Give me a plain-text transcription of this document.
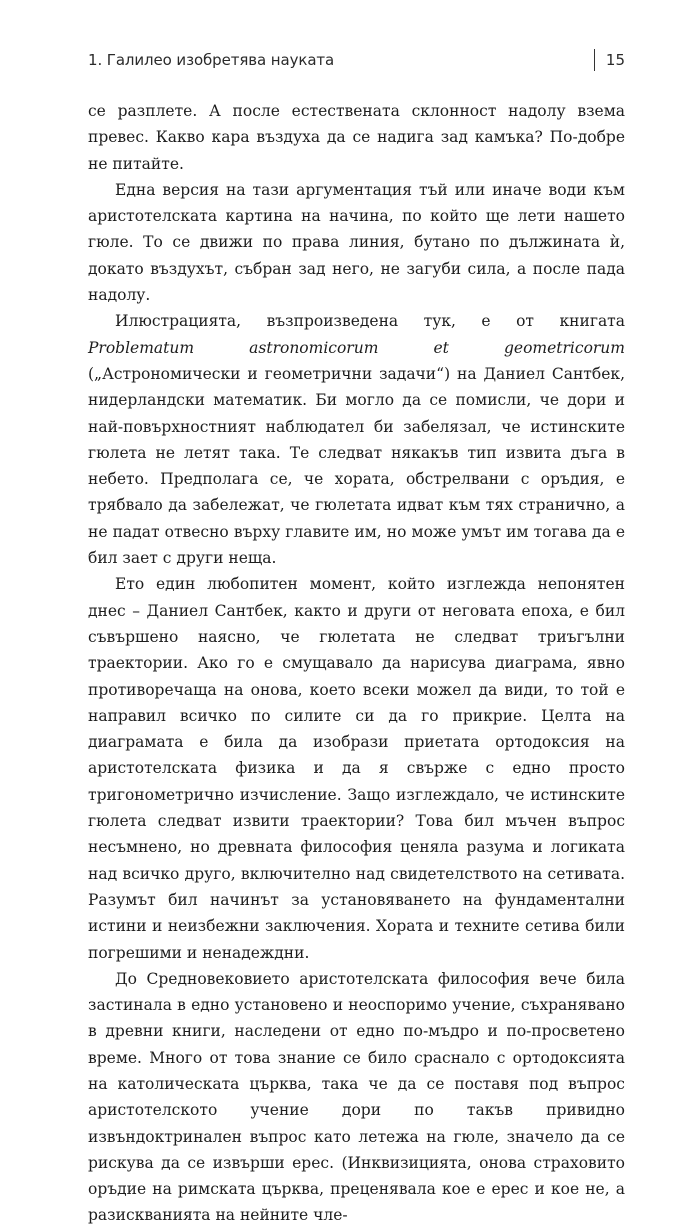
1. Галилео изобретява науката	15

се разплете. А после естествената склонност надолу взема превес. Какво кара въздуха да се надига зад камъка? По-добре не питайте.

Една версия на тази аргументация тъй или иначе води към аристотелската картина на начина, по който ще лети нашето гюле. То се движи по права линия, бутано по дължината ѝ, докато въздухът, събран зад него, не загуби сила, а после пада надолу.

Илюстрацията, възпроизведена тук, е от книгата Problematum astronomicorum et geometricorum („Астрономически и геометрични задачи“) на Даниел Сантбек, нидерландски математик. Би могло да се помисли, че дори и най-повърхностният наблюдател би забелязал, че истинските гюлета не летят така. Те следват някакъв тип извита дъга в небето. Предполага се, че хората, обстрелвани с оръдия, е трябвало да забележат, че гюлетата идват към тях странично, а не падат отвесно върху главите им, но може умът им тогава да е бил зает с други неща.

Ето един любопитен момент, който изглежда непонятен днес – Даниел Сантбек, както и други от неговата епоха, е бил съвършено наясно, че гюлетата не следват триъгълни траектории. Ако го е смущавало да нарисува диаграма, явно противоречаща на онова, което всеки можел да види, то той е направил всичко по силите си да го прикрие. Целта на диаграмата е била да изобрази приетата ортодоксия на аристотелската физика и да я свърже с едно просто тригонометрично изчисление. Защо изглеждало, че истинските гюлета следват извити траектории? Това бил мъчен въпрос несъмнено, но древната философия ценяла разума и логиката над всичко друго, включително над свидетелството на сетивата. Разумът бил начинът за установяването на фундаментални истини и неизбежни заключения. Хората и техните сетива били погрешими и ненадеждни.

До Средновековието аристотелската философия вече била застинала в едно установено и неоспоримо учение, съхранявано в древни книги, наследени от едно по-мъдро и по-просветено време. Много от това знание се било сраснало с ортодоксията на католическата църква, така че да се поставя под въпрос аристотелското учение дори по такъв привидно извъндоктринален въпрос като летежа на гюле, значело да се рискува да се извърши ерес. (Инквизицията, онова страховито оръдие на римската църква, преценявала кое е ерес и кое не, а разискванията на нейните чле-
